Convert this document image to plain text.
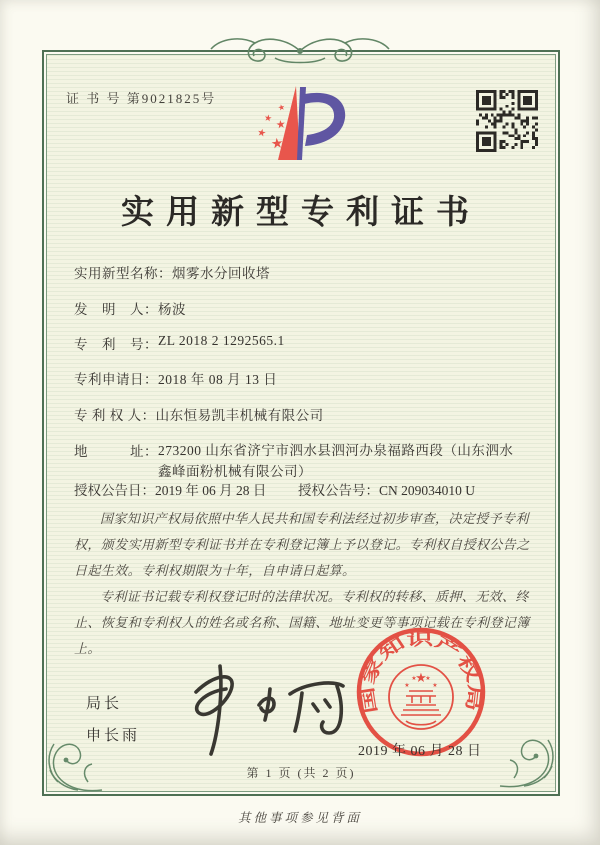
证 书 号 第9021825号
★
★
★
★
★
实用新型专利证书
实用新型名称： 烟雾水分回收塔
发　明　人： 杨波
专　利　号： ZL 2018 2 1292565.1
专利申请日： 2018 年 08 月 13 日
专 利 权 人： 山东恒易凯丰机械有限公司
地　　　址： 273200 山东省济宁市泗水县泗河办泉福路西段（山东泗水鑫峰面粉机械有限公司）
授权公告日：2019 年 06 月 28 日 授权公告号：CN 209034010 U

国家知识产权局依照中华人民共和国专利法经过初步审查，决定授予专利权，颁发实用新型专利证书并在专利登记簿上予以登记。专利权自授权公告之日起生效。专利权期限为十年，自申请日起算。

专利证书记载专利权登记时的法律状况。专利权的转移、质押、无效、终止、恢复和专利权人的姓名或名称、国籍、地址变更等事项记载在专利登记簿上。

局长
申长雨
国家知识产权局
★
★
★ ★
★
2019 年 06 月 28 日
第 1 页 (共 2 页)
其他事项参见背面
